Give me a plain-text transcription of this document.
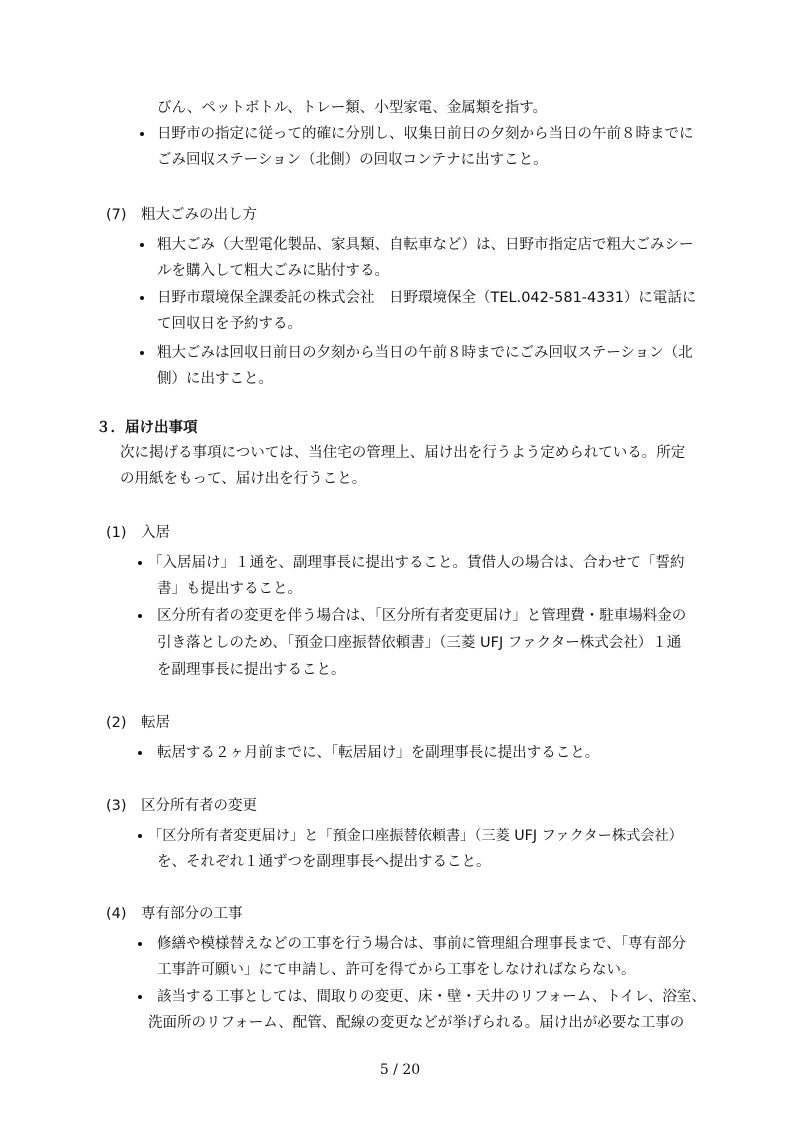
びん、ペットボトル、トレー類、小型家電、金属類を指す。
日野市の指定に従って的確に分別し、収集日前日の夕刻から当日の午前８時までに
ごみ回収ステーション（北側）の回収コンテナに出すこと。
(7)　粗大ごみの出し方
粗大ごみ（大型電化製品、家具類、自転車など）は、日野市指定店で粗大ごみシー
ルを購入して粗大ごみに貼付する。
日野市環境保全課委託の株式会社　日野環境保全（TEL.042-581-4331）に電話に
て回収日を予約する。
粗大ごみは回収日前日の夕刻から当日の午前８時までにごみ回収ステーション（北
側）に出すこと。
３．届け出事項
次に掲げる事項については、当住宅の管理上、届け出を行うよう定められている。所定
の用紙をもって、届け出を行うこと。
(1)　入居
「入居届け」１通を、副理事長に提出すること。賃借人の場合は、合わせて「誓約
書」も提出すること。
区分所有者の変更を伴う場合は、「区分所有者変更届け」と管理費・駐車場料金の
引き落としのため、「預金口座振替依頼書」（三菱 UFJ ファクター株式会社）１通
を副理事長に提出すること。
(2)　転居
転居する２ヶ月前までに、「転居届け」を副理事長に提出すること。
(3)　区分所有者の変更
「区分所有者変更届け」と「預金口座振替依頼書」（三菱 UFJ ファクター株式会社）
を、それぞれ１通ずつを副理事長へ提出すること。
(4)　専有部分の工事
修繕や模様替えなどの工事を行う場合は、事前に管理組合理事長まで、「専有部分
工事許可願い」にて申請し、許可を得てから工事をしなければならない。
該当する工事としては、間取りの変更、床・壁・天井のリフォーム、トイレ、浴室、
洗面所のリフォーム、配管、配線の変更などが挙げられる。届け出が必要な工事の
5 / 20
